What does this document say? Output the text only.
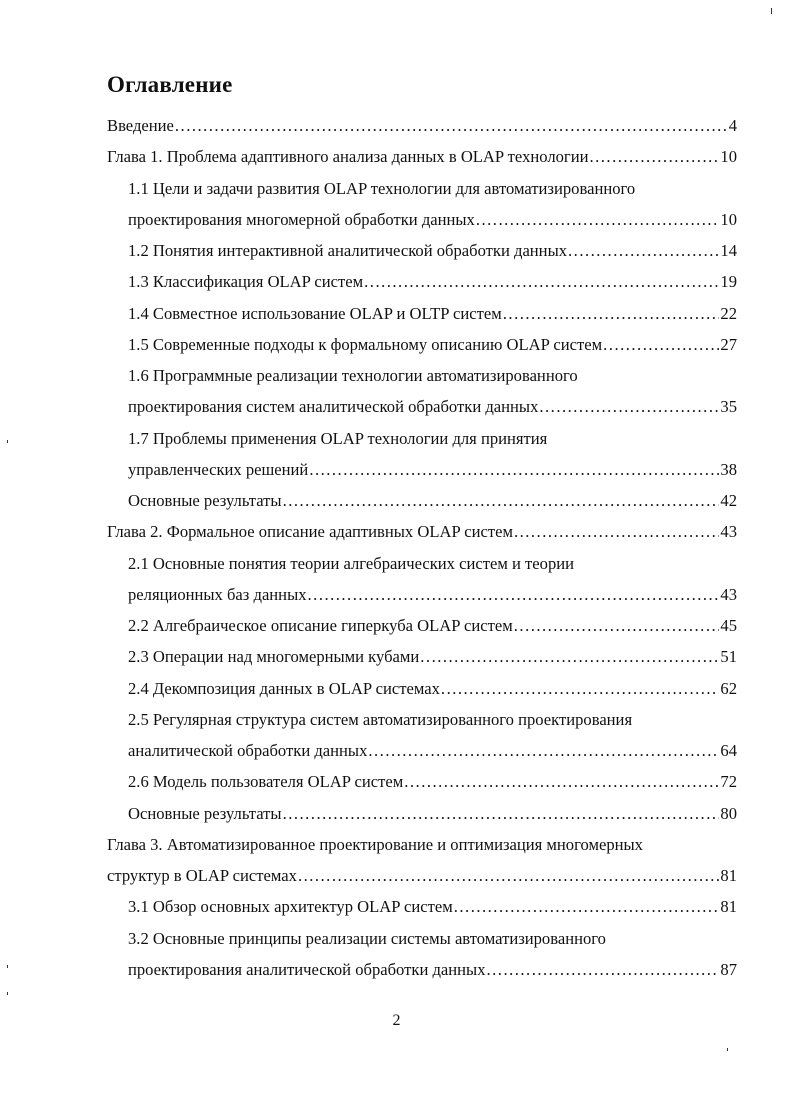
Оглавление
Введение .....	4
Глава 1. Проблема адаптивного анализа данных в OLAP технологии .....	10
1.1 Цели и задачи развития OLAP технологии для автоматизированного
проектирования многомерной обработки данных .....	10
1.2 Понятия интерактивной аналитической обработки данных .....	14
1.3 Классификация OLAP систем .....	19
1.4 Совместное использование OLAP и OLTP систем .....	22
1.5 Современные подходы к формальному описанию OLAP систем .....	27
1.6 Программные реализации технологии автоматизированного
проектирования систем аналитической обработки данных .....	35
1.7 Проблемы применения OLAP технологии для принятия
управленческих решений .....	38
Основные результаты .....	42
Глава 2. Формальное описание адаптивных OLAP систем .....	43
2.1 Основные понятия теории алгебраических систем и теории
реляционных баз данных .....	43
2.2 Алгебраическое описание гиперкуба OLAP систем .....	45
2.3 Операции над многомерными кубами .....	51
2.4 Декомпозиция данных в OLAP системах .....	62
2.5 Регулярная структура систем автоматизированного проектирования
аналитической обработки данных .....	64
2.6 Модель пользователя OLAP систем .....	72
Основные результаты .....	80
Глава 3. Автоматизированное проектирование и оптимизация многомерных
структур в OLAP системах .....	81
3.1 Обзор основных архитектур OLAP систем .....	81
3.2 Основные принципы реализации системы автоматизированного
проектирования аналитической обработки данных .....	87
2
